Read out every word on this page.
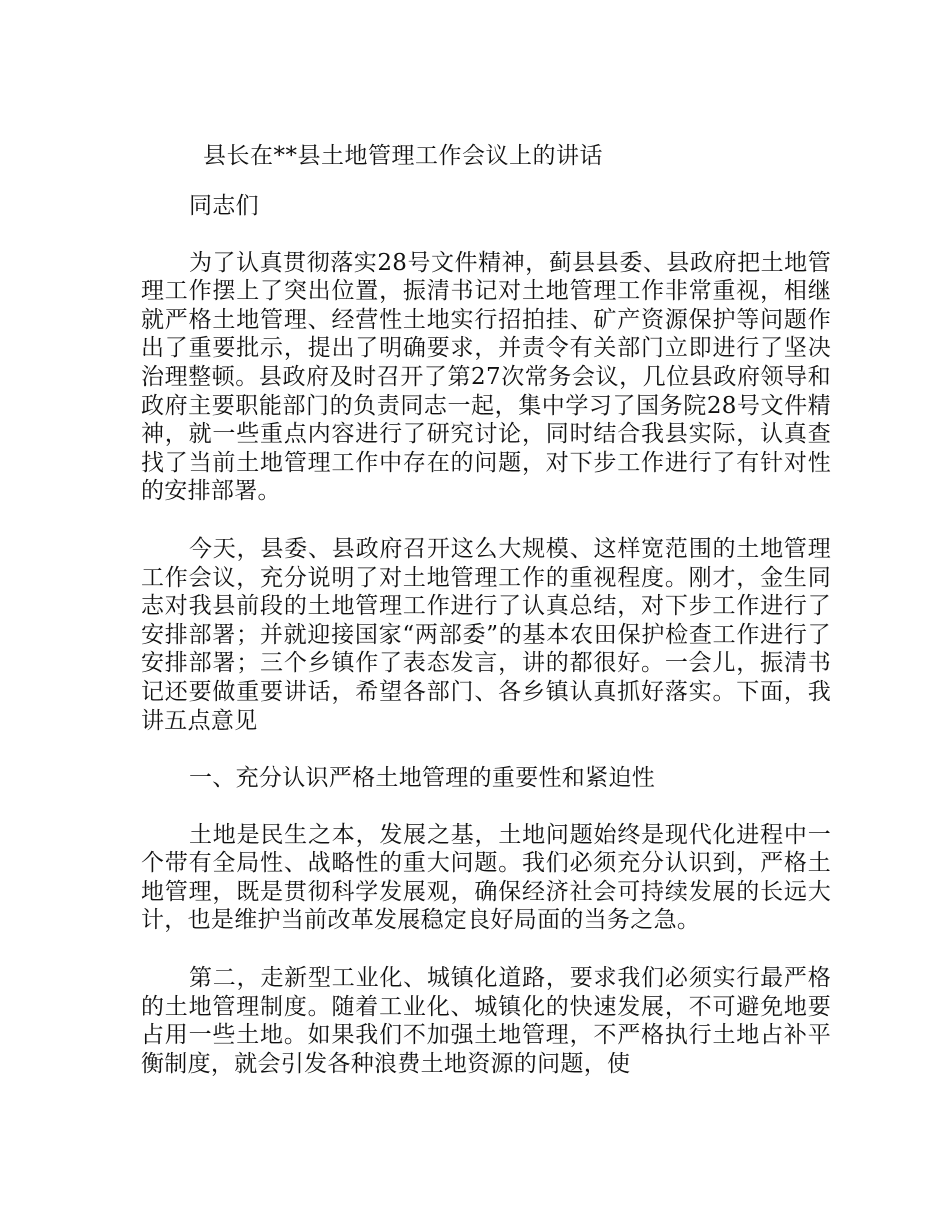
县长在**县土地管理工作会议上的讲话

同志们

为了认真贯彻落实28号文件精神，蓟县县委、县政府把土地管理工作摆上了突出位置，振清书记对土地管理工作非常重视，相继就严格土地管理、经营性土地实行招拍挂、矿产资源保护等问题作出了重要批示，提出了明确要求，并责令有关部门立即进行了坚决治理整顿。县政府及时召开了第27次常务会议，几位县政府领导和政府主要职能部门的负责同志一起，集中学习了国务院28号文件精神，就一些重点内容进行了研究讨论，同时结合我县实际，认真查找了当前土地管理工作中存在的问题，对下步工作进行了有针对性的安排部署。

今天，县委、县政府召开这么大规模、这样宽范围的土地管理工作会议，充分说明了对土地管理工作的重视程度。刚才，金生同志对我县前段的土地管理工作进行了认真总结，对下步工作进行了安排部署；并就迎接国家“两部委”的基本农田保护检查工作进行了安排部署；三个乡镇作了表态发言，讲的都很好。一会儿，振清书记还要做重要讲话，希望各部门、各乡镇认真抓好落实。下面，我讲五点意见

一、充分认识严格土地管理的重要性和紧迫性

土地是民生之本，发展之基，土地问题始终是现代化进程中一个带有全局性、战略性的重大问题。我们必须充分认识到，严格土地管理，既是贯彻科学发展观，确保经济社会可持续发展的长远大计，也是维护当前改革发展稳定良好局面的当务之急。

第二，走新型工业化、城镇化道路，要求我们必须实行最严格的土地管理制度。随着工业化、城镇化的快速发展，不可避免地要占用一些土地。如果我们不加强土地管理，不严格执行土地占补平衡制度，就会引发各种浪费土地资源的问题，使
